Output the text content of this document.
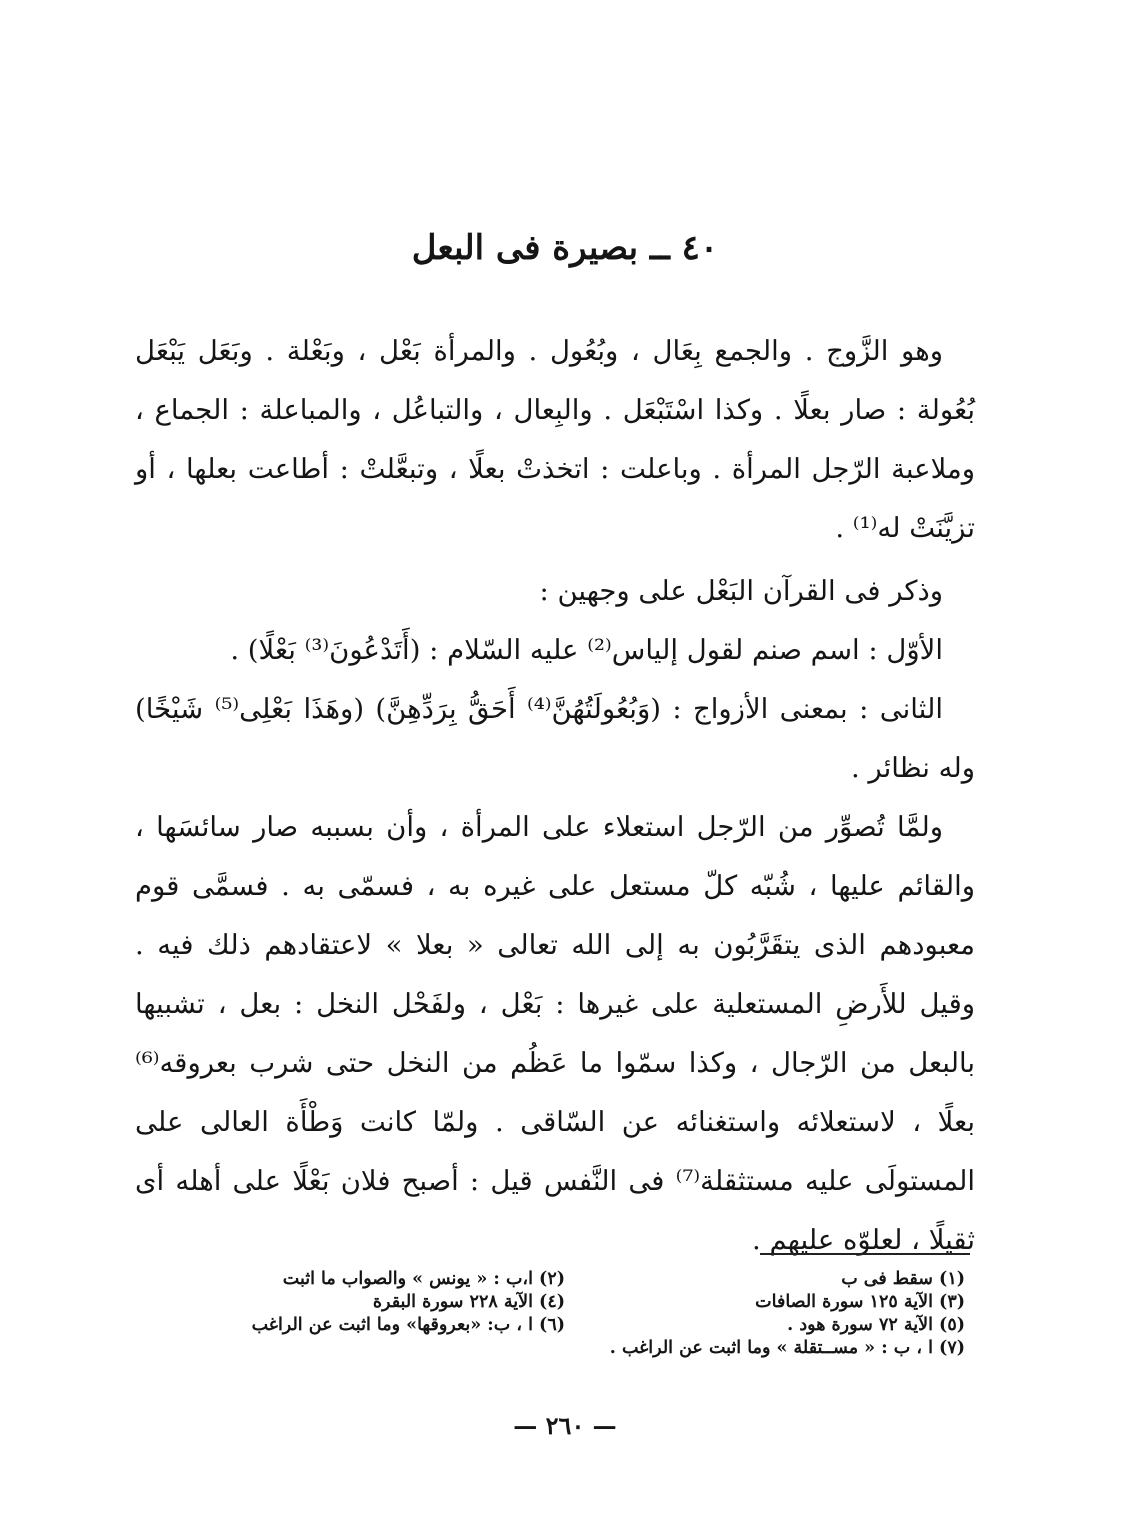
٤٠ ــ بصيرة فى البعل

وهو الزَّوج . والجمع بِعَال ، وبُعُول . والمرأة بَعْل ، وبَعْلة . وبَعَل يَبْعَل بُعُولة : صار بعلًا . وكذا اسْتَبْعَل . والبِعال ، والتباعُل ، والمباعلة : الجماع ، وملاعبة الرّجل المرأة . وباعلت : اتخذتْ بعلًا ، وتبعَّلتْ : أطاعت بعلها ، أو تزيَّنَتْ له⁽¹⁾ .

وذكر فى القرآن البَعْل على وجهين :

الأوّل : اسم صنم لقول إلياس⁽²⁾ عليه السّلام : (أَتَدْعُونَ⁽³⁾ بَعْلًا) .

الثانى : بمعنى الأزواج : (وَبُعُولَتُهُنَّ⁽⁴⁾ أَحَقُّ بِرَدِّهِنَّ) (وهَذَا بَعْلِى⁽⁵⁾ شَيْخًا) وله نظائر .

ولمَّا تُصوِّر من الرّجل استعلاء على المرأة ، وأن بسببه صار سائسَها ، والقائم عليها ، شُبّه كلّ مستعل على غيره به ، فسمّى به . فسمَّى قوم معبودهم الذى يتقَرَّبُون به إلى الله تعالى « بعلا » لاعتقادهم ذلك فيه . وقيل للأَرضِ المستعلية على غيرها : بَعْل ، ولفَحْل النخل : بعل ، تشبيها بالبعل من الرّجال ، وكذا سمّوا ما عَظُم من النخل حتى شرب بعروقه⁽⁶⁾ بعلًا ، لاستعلائه واستغنائه عن السّاقى . ولمّا كانت وَطْأَة العالى على المستولَى عليه مستثقلة⁽⁷⁾ فى النَّفس قيل : أصبح فلان بَعْلًا على أهله أى ثقيلًا ، لعلوّه عليهم .

(١) سقط فى ب
(٢) ا،ب : « يونس » والصواب ما اثبت
(٣) الآية ١٢٥ سورة الصافات
(٤) الآية ٢٢٨ سورة البقرة
(٥) الآية ٧٢ سورة هود .
(٦) ا ، ب: «بعروقها» وما اثبت عن الراغب
(٧) ا ، ب : « مســتقلة » وما اثبت عن الراغب .
— ٢٦٠ —
